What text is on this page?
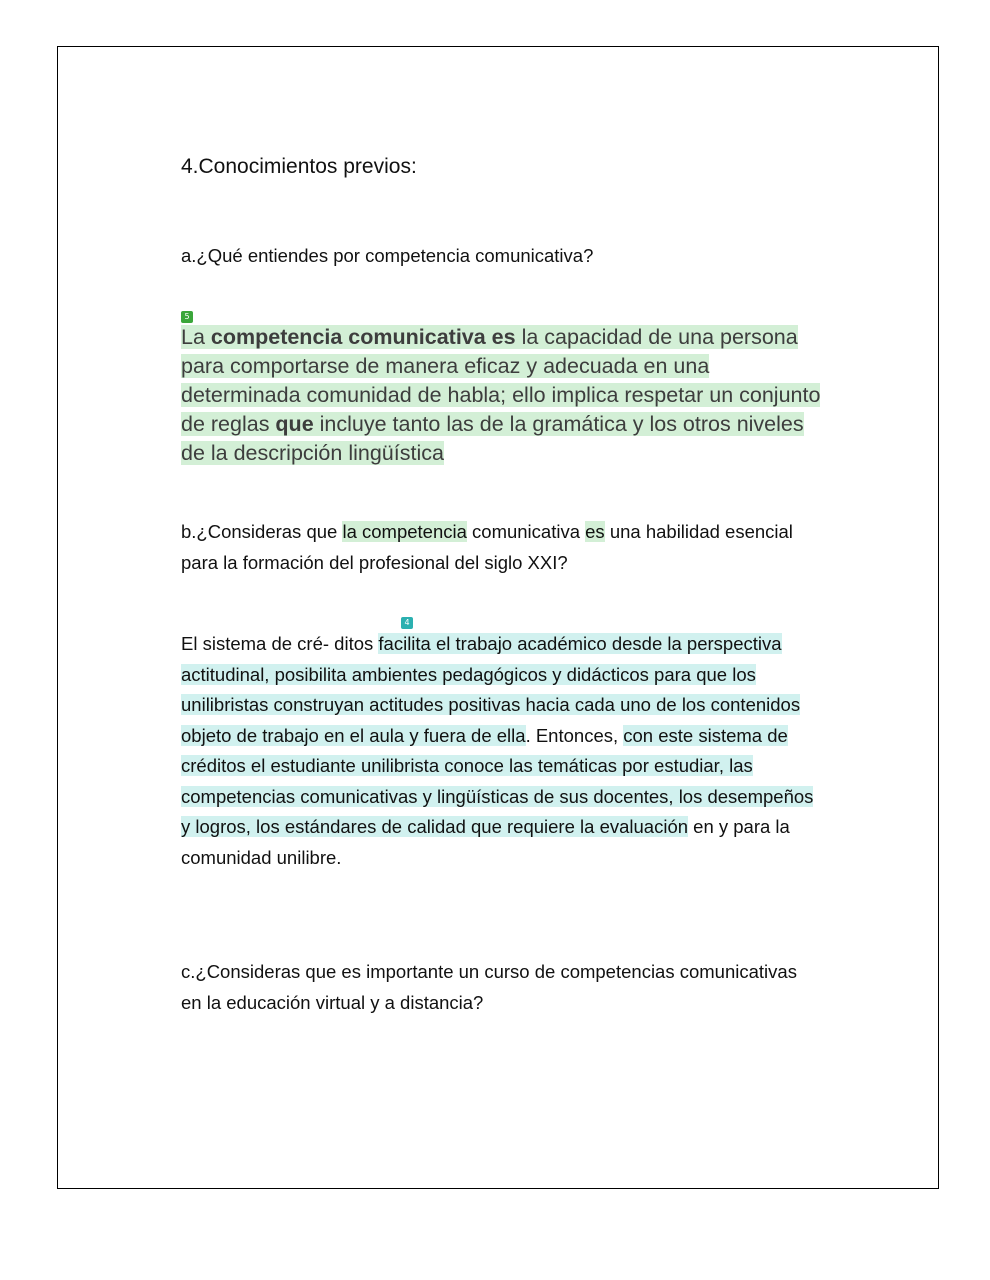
4.Conocimientos previos:
a.¿Qué entiendes por competencia comunicativa?
5
La competencia comunicativa es la capacidad de una persona para comportarse de manera eficaz y adecuada en una determinada comunidad de habla; ello implica respetar un conjunto de reglas que incluye tanto las de la gramática y los otros niveles de la descripción lingüística
b.¿Consideras que la competencia comunicativa es una habilidad esencial para la formación del profesional del siglo XXI?
4
El sistema de cré- ditos facilita el trabajo académico desde la perspectiva actitudinal, posibilita ambientes pedagógicos y didácticos para que los unilibristas construyan actitudes positivas hacia cada uno de los contenidos objeto de trabajo en el aula y fuera de ella. Entonces, con este sistema de créditos el estudiante unilibrista conoce las temáticas por estudiar, las competencias comunicativas y lingüísticas de sus docentes, los desempeños y logros, los estándares de calidad que requiere la evaluación en y para la comunidad unilibre.
c.¿Consideras que es importante un curso de competencias comunicativas en la educación virtual y a distancia?
